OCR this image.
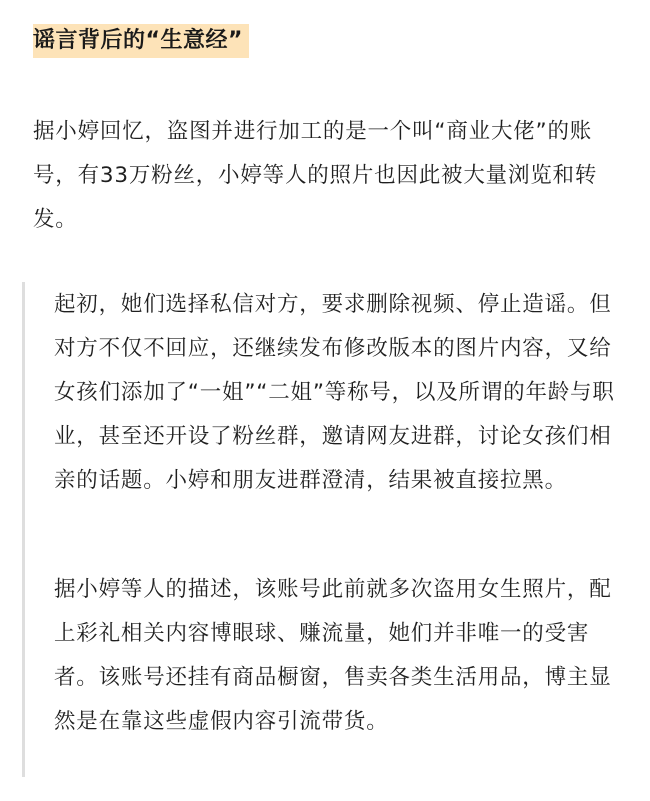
谣言背后的“生意经”

据小婷回忆，盗图并进行加工的是一个叫“商业大佬”的账号，有33万粉丝，小婷等人的照片也因此被大量浏览和转发。

起初，她们选择私信对方，要求删除视频、停止造谣。但对方不仅不回应，还继续发布修改版本的图片内容，又给女孩们添加了“一姐”“二姐”等称号，以及所谓的年龄与职业，甚至还开设了粉丝群，邀请网友进群，讨论女孩们相亲的话题。小婷和朋友进群澄清，结果被直接拉黑。

据小婷等人的描述，该账号此前就多次盗用女生照片，配上彩礼相关内容博眼球、赚流量，她们并非唯一的受害者。该账号还挂有商品橱窗，售卖各类生活用品，博主显然是在靠这些虚假内容引流带货。
